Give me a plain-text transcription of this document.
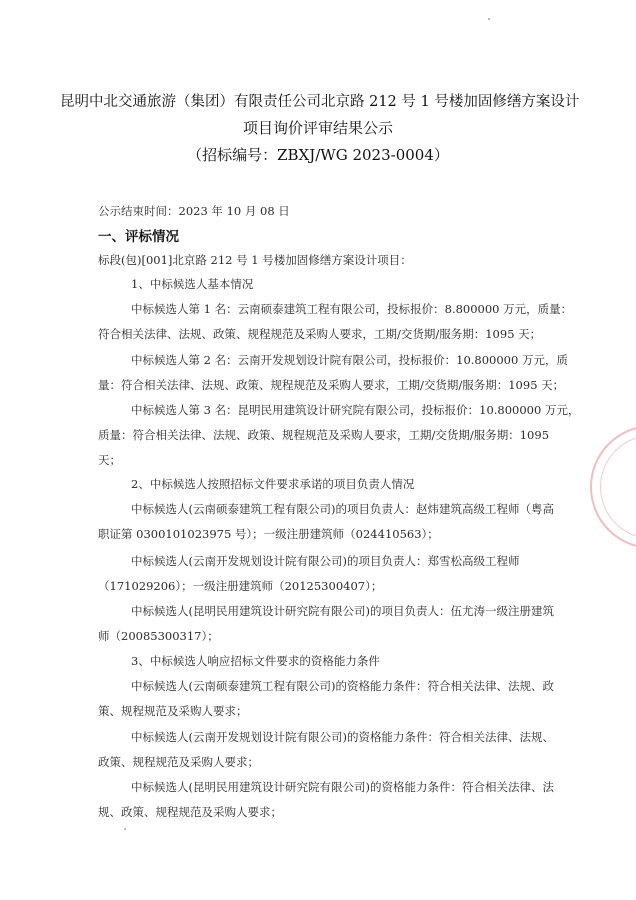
昆明中北交通旅游（集团）有限责任公司北京路 212 号 1 号楼加固修缮方案设计
项目询价评审结果公示
（招标编号：ZBXJ/WG 2023-0004）
公示结束时间：2023 年 10 月 08 日
一、评标情况
标段(包)[001]北京路 212 号 1 号楼加固修缮方案设计项目：
1、中标候选人基本情况
中标候选人第 1 名：云南硕泰建筑工程有限公司，投标报价：8.800000 万元，质量：
符合相关法律、法规、政策、规程规范及采购人要求，工期/交货期/服务期：1095 天；
中标候选人第 2 名：云南开发规划设计院有限公司，投标报价：10.800000 万元，质
量：符合相关法律、法规、政策、规程规范及采购人要求，工期/交货期/服务期：1095 天；
中标候选人第 3 名：昆明民用建筑设计研究院有限公司，投标报价：10.800000 万元，
质量：符合相关法律、法规、政策、规程规范及采购人要求，工期/交货期/服务期：1095
天；
2、中标候选人按照招标文件要求承诺的项目负责人情况
中标候选人(云南硕泰建筑工程有限公司)的项目负责人：赵炜建筑高级工程师（粤高
职证第 0300101023975 号）；一级注册建筑师（024410563）；
中标候选人(云南开发规划设计院有限公司)的项目负责人：郑雪松高级工程师
（171029206）；一级注册建筑师（20125300407）；
中标候选人(昆明民用建筑设计研究院有限公司)的项目负责人：伍尤涛一级注册建筑
师（20085300317）；
3、中标候选人响应招标文件要求的资格能力条件
中标候选人(云南硕泰建筑工程有限公司)的资格能力条件：符合相关法律、法规、政
策、规程规范及采购人要求；
中标候选人(云南开发规划设计院有限公司)的资格能力条件：符合相关法律、法规、
政策、规程规范及采购人要求；
中标候选人(昆明民用建筑设计研究院有限公司)的资格能力条件：符合相关法律、法
规、政策、规程规范及采购人要求；
